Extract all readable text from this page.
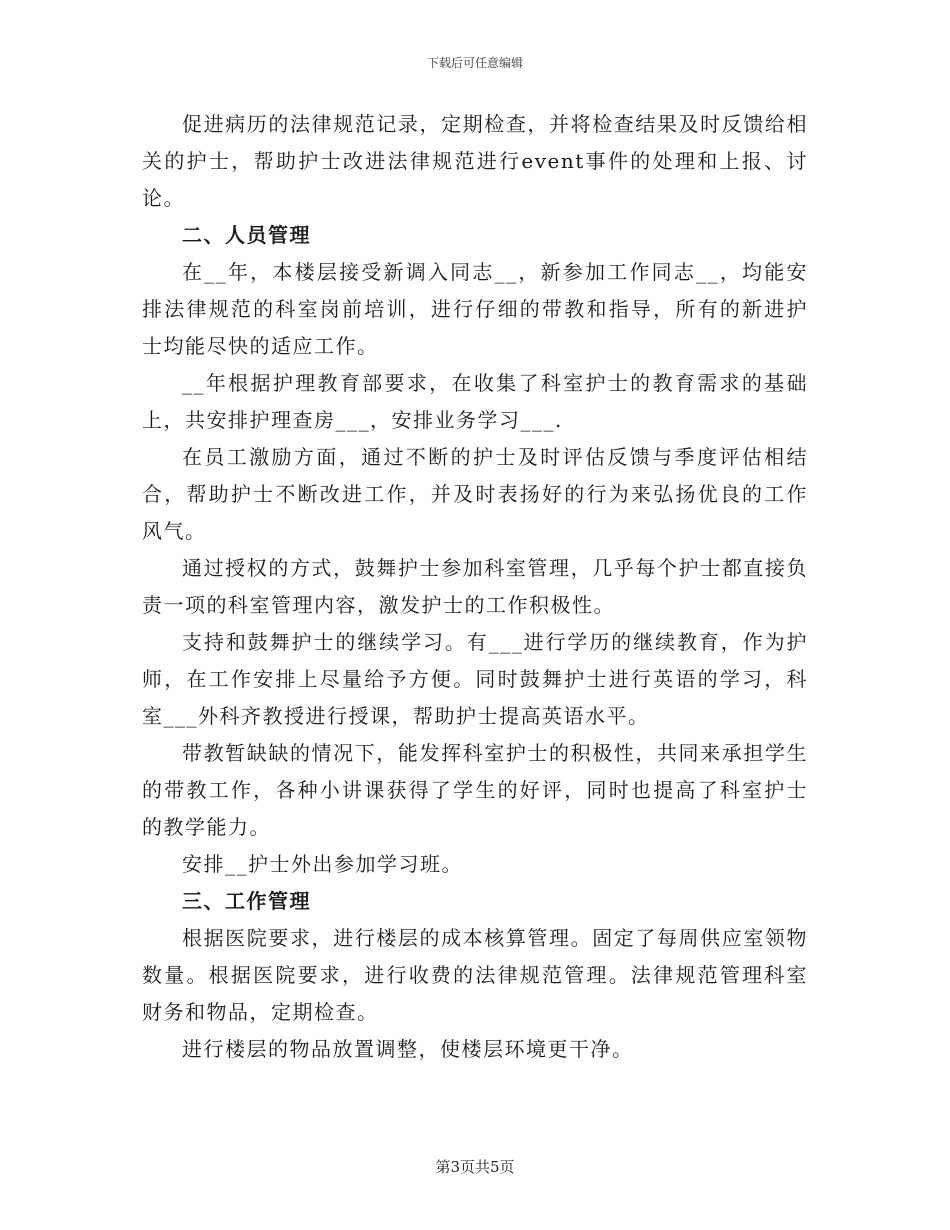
下载后可任意编辑

促进病历的法律规范记录，定期检查，并将检查结果及时反馈给相关的护士，帮助护士改进法律规范进行event事件的处理和上报、讨论。

二、人员管理

在__年，本楼层接受新调入同志__，新参加工作同志__，均能安排法律规范的科室岗前培训，进行仔细的带教和指导，所有的新进护士均能尽快的适应工作。

__年根据护理教育部要求，在收集了科室护士的教育需求的基础上，共安排护理查房___，安排业务学习___.

在员工激励方面，通过不断的护士及时评估反馈与季度评估相结合，帮助护士不断改进工作，并及时表扬好的行为来弘扬优良的工作风气。

通过授权的方式，鼓舞护士参加科室管理，几乎每个护士都直接负责一项的科室管理内容，激发护士的工作积极性。

支持和鼓舞护士的继续学习。有___进行学历的继续教育，作为护师，在工作安排上尽量给予方便。同时鼓舞护士进行英语的学习，科室___外科齐教授进行授课，帮助护士提高英语水平。

带教暂缺缺的情况下，能发挥科室护士的积极性，共同来承担学生的带教工作，各种小讲课获得了学生的好评，同时也提高了科室护士的教学能力。

安排__护士外出参加学习班。

三、工作管理

根据医院要求，进行楼层的成本核算管理。固定了每周供应室领物数量。根据医院要求，进行收费的法律规范管理。法律规范管理科室财务和物品，定期检查。

进行楼层的物品放置调整，使楼层环境更干净。

第3页共5页
